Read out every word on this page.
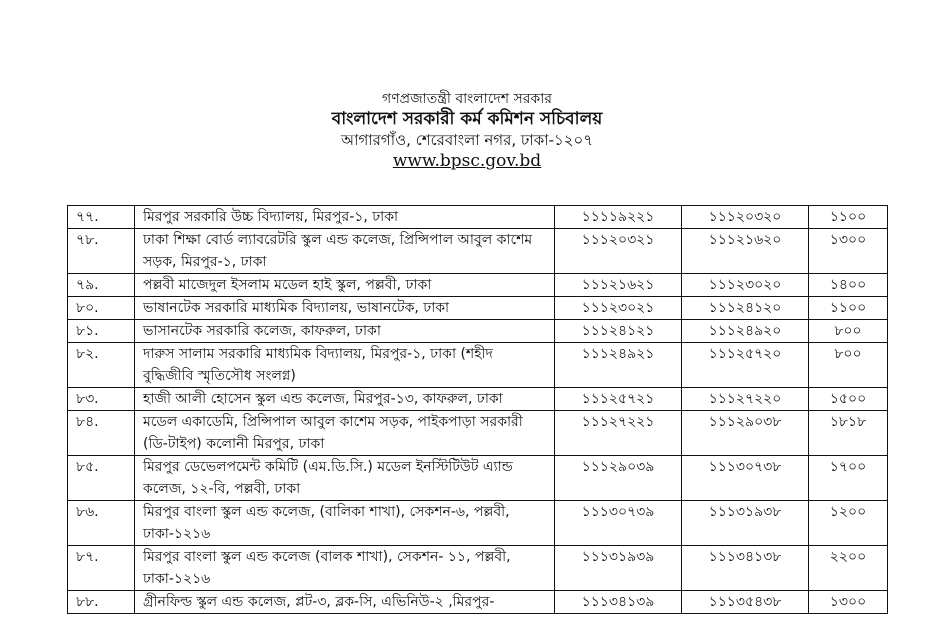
গণপ্রজাতন্ত্রী বাংলাদেশ সরকার
বাংলাদেশ সরকারী কর্ম কমিশন সচিবালয়
আগারগাঁও, শেরেবাংলা নগর, ঢাকা-১২০৭
www.bpsc.gov.bd
৭৭.	মিরপুর সরকারি উচ্চ বিদ্যালয়, মিরপুর-১, ঢাকা	১১১১৯২২১	১১১২০৩২০	১১০০
৭৮.	ঢাকা শিক্ষা বোর্ড ল্যাবরেটরি স্কুল এন্ড কলেজ, প্রিন্সিপাল আবুল কাশেম সড়ক, মিরপুর-১, ঢাকা	১১১২০৩২১	১১১২১৬২০	১৩০০
৭৯.	পল্লবী মাজেদুল ইসলাম মডেল হাই স্কুল, পল্লবী, ঢাকা	১১১২১৬২১	১১১২৩০২০	১৪০০
৮০.	ভাষানটেক সরকারি মাধ্যমিক বিদ্যালয়, ভাষানটেক, ঢাকা	১১১২৩০২১	১১১২৪১২০	১১০০
৮১.	ভাসানটেক সরকারি কলেজ, কাফরুল, ঢাকা	১১১২৪১২১	১১১২৪৯২০	৮০০
৮২.	দারুস সালাম সরকারি মাধ্যমিক বিদ্যালয়, মিরপুর-১, ঢাকা (শহীদ বুদ্ধিজীবি স্মৃতিসৌধ সংলগ্ন)	১১১২৪৯২১	১১১২৫৭২০	৮০০
৮৩.	হাজী আলী হোসেন স্কুল এন্ড কলেজ, মিরপুর-১৩, কাফরুল, ঢাকা	১১১২৫৭২১	১১১২৭২২০	১৫০০
৮৪.	মডেল একাডেমি, প্রিন্সিপাল আবুল কাশেম সড়ক, পাইকপাড়া সরকারী (ডি-টাইপ) কলোনী মিরপুর, ঢাকা	১১১২৭২২১	১১১২৯০৩৮	১৮১৮
৮৫.	মিরপুর ডেভেলপমেন্ট কমিটি (এম.ডি.সি.) মডেল ইনস্টিটিউট এ্যান্ড কলেজ, ১২-বি, পল্লবী, ঢাকা	১১১২৯০৩৯	১১১৩০৭৩৮	১৭০০
৮৬.	মিরপুর বাংলা স্কুল এন্ড কলেজ, (বালিকা শাখা), সেকশন-৬, পল্লবী, ঢাকা-১২১৬	১১১৩০৭৩৯	১১১৩১৯৩৮	১২০০
৮৭.	মিরপুর বাংলা স্কুল এন্ড কলেজ (বালক শাখা), সেকশন- ১১, পল্লবী, ঢাকা-১২১৬	১১১৩১৯৩৯	১১১৩৪১৩৮	২২০০
৮৮.	গ্রীনফিল্ড স্কুল এন্ড কলেজ, প্লট-৩, ব্লক-সি, এভিনিউ-২ ,মিরপুর-	১১১৩৪১৩৯	১১১৩৫৪৩৮	১৩০০
